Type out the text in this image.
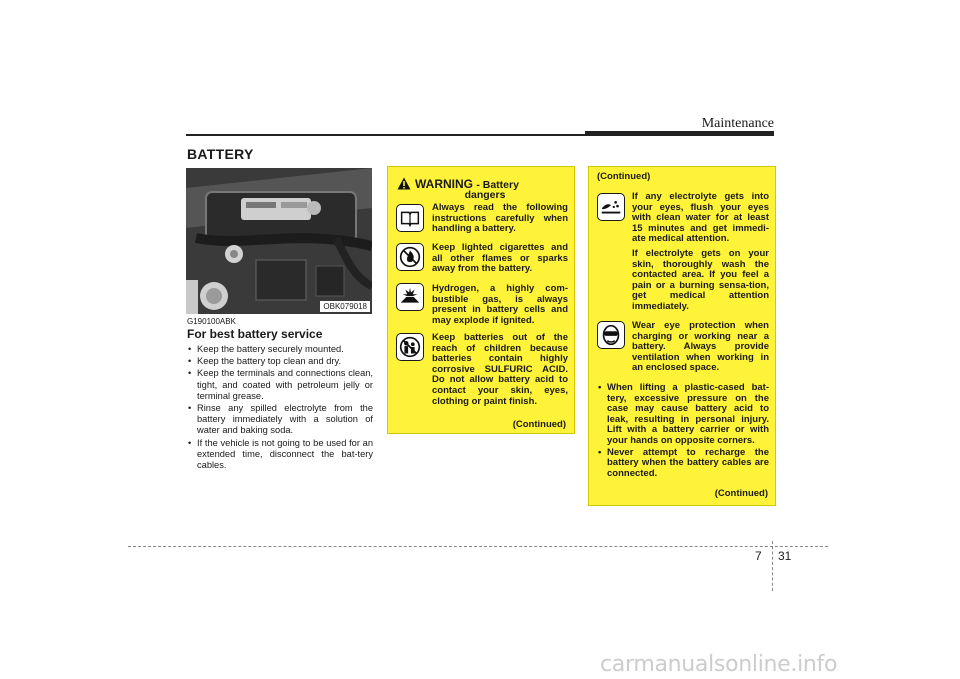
Maintenance
BATTERY
OBK079018
G190100ABK
For best battery service
• Keep the battery securely mounted.
• Keep the battery top clean and dry.
• Keep the terminals and connections clean, tight, and coated with petroleum jelly or terminal grease.
• Rinse any spilled electrolyte from the battery immediately with a solution of water and baking soda.
• If the vehicle is not going to be used for an extended time, disconnect the bat-tery cables.
WARNING - Battery
dangers
Always read the following instructions carefully when handling a battery.
Keep lighted cigarettes and all other flames or sparks away from the battery.
Hydrogen, a highly com-bustible gas, is always present in battery cells and may explode if ignited.
Keep batteries out of the reach of children because batteries contain highly corrosive SULFURIC ACID. Do not allow battery acid to contact your skin, eyes, clothing or paint finish.
(Continued)
(Continued)
If any electrolyte gets into your eyes, flush your eyes with clean water for at least 15 minutes and get immedi-ate medical attention.
If electrolyte gets on your skin, thoroughly wash the contacted area. If you feel a pain or a burning sensa-tion, get medical attention immediately.
Wear eye protection when charging or working near a battery. Always provide ventilation when working in an enclosed space.
• When lifting a plastic-cased bat-tery, excessive pressure on the case may cause battery acid to leak, resulting in personal injury. Lift with a battery carrier or with your hands on opposite corners.
• Never attempt to recharge the battery when the battery cables are connected.
(Continued)
7 31
carmanualsonline.info
